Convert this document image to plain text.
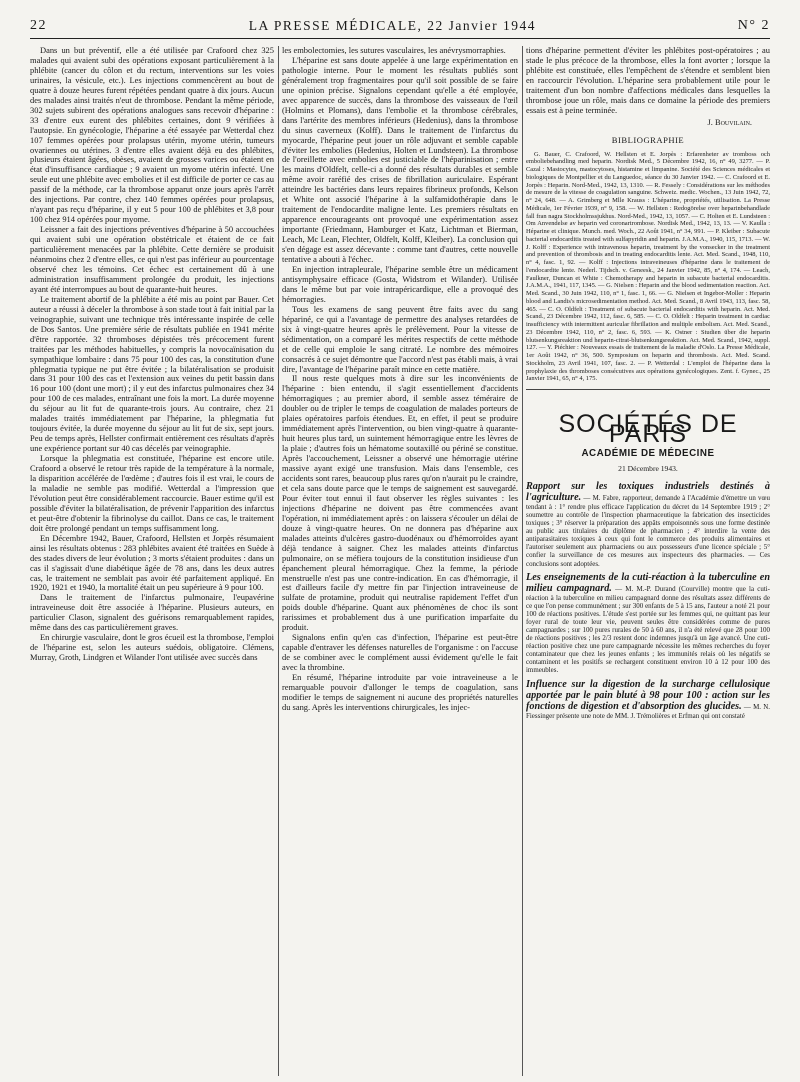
22	LA PRESSE MÉDICALE, 22 Janvier 1944	N° 2

Dans un but préventif, elle a été utilisée par Crafoord chez 325 malades qui avaient subi des opérations exposant particulièrement à la phlébite (cancer du côlon et du rectum, interventions sur les voies urinaires, la vésicule, etc.). Les injections commencèrent au bout de quatre à douze heures furent répétées pendant quatre à dix jours. Aucun des malades ainsi traités n'eut de thrombose. Pendant la même période, 302 sujets subirent des opérations analogues sans recevoir d'héparine : 33 d'entre eux eurent des phlébites certaines, dont 9 vérifiées à l'autopsie. En gynécologie, l'héparine a été essayée par Wetterdal chez 107 femmes opérées pour prolapsus utérin, myome utérin, tumeurs ovariennes ou utérines. 3 d'entre elles avaient déjà eu des phlébites, plusieurs étaient âgées, obèses, avaient de grosses varices ou étaient en état d'insuffisance cardiaque ; 9 avaient un myome utérin infecté. Une seule eut une phlébite avec embolies et il est difficile de porter ce cas au passif de la méthode, car la thrombose apparut onze jours après l'arrêt des injections. Par contre, chez 140 femmes opérées pour prolapsus, n'ayant pas reçu d'héparine, il y eut 5 pour 100 de phlébites et 3,8 pour 100 chez 914 opérées pour myome.

Leissner a fait des injections préventives d'héparine à 50 accouchées qui avaient subi une opération obstétricale et étaient de ce fait particulièrement menacées par la phlébite. Cette dernière se produisit néanmoins chez 2 d'entre elles, ce qui n'est pas inférieur au pourcentage observé chez les témoins. Cet échec est certainement dû à une administration insuffisamment prolongée du produit, les injections ayant été interrompues au bout de quarante-huit heures.

Le traitement abortif de la phlébite a été mis au point par Bauer. Cet auteur a réussi à déceler la thrombose à son stade tout à fait initial par la veinographie, suivant une technique très intéressante inspirée de celle de Dos Santos. Une première série de résultats publiée en 1941 mérite d'être rapportée. 32 thromboses dépistées très précocement furent traitées par les méthodes habituelles, y compris la novocaïnisation du sympathique lombaire : dans 75 pour 100 des cas, la constitution d'une phlegmatia typique ne put être évitée ; la bilatéralisation se produisit dans 31 pour 100 des cas et l'extension aux veines du petit bassin dans 16 pour 100 (dont une mort) ; il y eut des infarctus pulmonaires chez 34 pour 100 de ces malades, entraînant une fois la mort. La durée moyenne du séjour au lit fut de quarante-trois jours. Au contraire, chez 21 malades traités immédiatement par l'héparine, la phlegmatia fut toujours évitée, la durée moyenne du séjour au lit fut de six, sept jours. Peu de temps après, Hellster confirmait entièrement ces résultats d'après une expérience portant sur 40 cas décelés par veinographie.

Lorsque la phlegmatia est constituée, l'héparine est encore utile. Crafoord a observé le retour très rapide de la température à la normale, la disparition accélérée de l'œdème ; d'autres fois il est vrai, le cours de la maladie ne semble pas modifié. Wetterdal a l'impression que l'évolution peut être considérablement raccourcie. Bauer estime qu'il est possible d'éviter la bilatéralisation, de prévenir l'apparition des infarctus et peut-être d'obtenir la fibrinolyse du caillot. Dans ce cas, le traitement doit être prolongé pendant un temps suffisamment long.

En Décembre 1942, Bauer, Crafoord, Hellsten et Jorpès résumaient ainsi les résultats obtenus : 283 phlébites avaient été traitées en Suède à des stades divers de leur évolution ; 3 morts s'étaient produites : dans un cas il s'agissait d'une diabétique âgée de 78 ans, dans les deux autres cas, le traitement ne semblait pas avoir été parfaitement appliqué. En 1920, 1921 et 1940, la mortalité était un peu supérieure à 9 pour 100.

Dans le traitement de l'infarctus pulmonaire, l'eupavérine intraveineuse doit être associée à l'héparine. Plusieurs auteurs, en particulier Clason, signalent des guérisons remarquablement rapides, même dans des cas particulièrement graves.

En chirurgie vasculaire, dont le gros écueil est la thrombose, l'emploi de l'héparine est, selon les auteurs suédois, obligatoire. Clémens, Murray, Groth, Lindgren et Wilander l'ont utilisée avec succès dans

les embolectomies, les sutures vasculaires, les anévrysmorraphies.

L'héparine est sans doute appelée à une large expérimentation en pathologie interne. Pour le moment les résultats publiés sont généralement trop fragmentaires pour qu'il soit possible de se faire une opinion précise. Signalons cependant qu'elle a été employée, avec apparence de succès, dans la thrombose des vaisseaux de l'œil (Holmins et Plomans), dans l'embolie et la thrombose cérébrales, dans l'artérite des membres inférieurs (Hedenius), dans la thrombose du sinus caverneux (Kolff). Dans le traitement de l'infarctus du myocarde, l'héparine peut jouer un rôle adjuvant et semble capable d'éviter les embolies (Hedenius, Holten et Lundsteen). La thrombose de l'oreillette avec embolies est justiciable de l'héparinisation ; entre les mains d'Oldfelt, celle-ci a donné des résultats durables et semble même avoir raréfié des crises de fibrillation auriculaire. Espérant atteindre les bactéries dans leurs repaires fibrineux profonds, Kelson et White ont associé l'héparine à la sulfamidothérapie dans le traitement de l'endocardite maligne lente. Les premiers résultats en apparence encourageants ont provoqué une expérimentation assez importante (Friedmann, Hamburger et Katz, Lichtman et Bierman, Leach, Mc Lean, Flechter, Oldfelt, Kolff, Kleiber). La conclusion qui s'en dégage est assez décevante : comme tant d'autres, cette nouvelle tentative a abouti à l'échec.

En injection intrapleurale, l'héparine semble être un médicament antisymphysaire efficace (Gosta, Widstrom et Wilander). Utilisée dans le même but par voie intrapéricardique, elle a provoqué des hémorragies.

Tous les examens de sang peuvent être faits avec du sang hépariné, ce qui a l'avantage de permettre des analyses retardées de six à vingt-quatre heures après le prélèvement. Pour la vitesse de sédimentation, on a comparé les mérites respectifs de cette méthode et de celle qui emploie le sang citraté. Le nombre des mémoires consacrés à ce sujet démontre que l'accord n'est pas établi mais, à vrai dire, l'avantage de l'héparine paraît mince en cette matière.

Il nous reste quelques mots à dire sur les inconvénients de l'héparine : bien entendu, il s'agit essentiellement d'accidents hémorragiques ; au premier abord, il semble assez téméraire de doubler ou de tripler le temps de coagulation de malades porteurs de plaies opératoires parfois étendues. Et, en effet, il peut se produire immédiatement après l'intervention, ou bien vingt-quatre à quarante-huit heures plus tard, un suintement hémorragique entre les lèvres de la plaie ; d'autres fois un hématome soutaxillé ou périné se constitue. Après l'accouchement, Leissner a observé une hémorragie utérine massive ayant exigé une transfusion. Mais dans l'ensemble, ces accidents sont rares, beaucoup plus rares qu'on n'aurait pu le craindre, et cela sans doute parce que le temps de saignement est sauvegardé. Pour éviter tout ennui il faut observer les règles suivantes : les injections d'héparine ne doivent pas être commencées avant l'opération, ni immédiatement après : on laissera s'écouler un délai de douze à vingt-quatre heures. On ne donnera pas d'héparine aux malades atteints d'ulcères gastro-duodénaux ou d'hémorroïdes ayant déjà tendance à saigner. Chez les malades atteints d'infarctus pulmonaire, on se méfiera toujours de la constitution insidieuse d'un épanchement pleural hémorragique. Chez la femme, la période menstruelle n'est pas une contre-indication. En cas d'hémorragie, il est d'ailleurs facile d'y mettre fin par l'injection intraveineuse de sulfate de protamine, produit qui neutralise rapidement l'effet d'un poids double d'héparine. Quant aux phénomènes de choc ils sont rarissimes et probablement dus à une purification imparfaite du produit.

Signalons enfin qu'en cas d'infection, l'héparine est peut-être capable d'entraver les défenses naturelles de l'organisme : on l'accuse de se combiner avec le complément aussi évidement qu'elle le fait avec la thrombine.

En résumé, l'héparine introduite par voie intraveineuse a le remarquable pouvoir d'allonger le temps de coagulation, sans modifier le temps de saignement ni aucune des propriétés naturelles du sang. Après les interventions chirurgicales, les injec-

tions d'héparine permettent d'éviter les phlébites post-opératoires ; au stade le plus précoce de la thrombose, elles la font avorter ; lorsque la phlébite est constituée, elles l'empêchent de s'étendre et semblent bien en raccourcir l'évolution. L'héparine sera probablement utile pour le traitement d'un bon nombre d'affections médicales dans lesquelles la thrombose joue un rôle, mais dans ce domaine la période des premiers essais est à peine terminée.

J. Bouvilain.
BIBLIOGRAPHIE

G. Bauer, C. Crafoord, W. Hellsten et E. Jorpès : Erfarenheter av tromboss och emboliebehandling med heparin. Nordisk Med., 5 Décembre 1942, 16, n° 49, 3277. — P. Cazal : Mastocytes, mastocytoses, histamine et limpanine. Société des Sciences médicales et biologiques de Montpellier et du Languedoc, séance du 30 Janvier 1942. — C. Crafoord et E. Jorpès : Heparin. Nord-Med., 1942, 13, 1310. — R. Fessely : Considérations sur les méthodes de mesure de la vitesse de coagulation sanguine. Schweiz. medic. Wochen., 13 Juin 1942, 72, n° 24, 648. — A. Grimberg et Mlle Krauss : L'héparine, propriétés, utilisation. La Presse Médicale, 1er Février 1939, n° 9, 158. — W. Hellsten : Redogörelse over heparinbehandlade fall fran nagra Stockholmssjukhus. Nord-Med., 1942, 13, 1057. — C. Holten et E. Lundsteen : Om Anvendelse av heparin ved coronartrombose. Nordisk Med., 1942, 13, 13. — V. Kaulla : Héparine et clinique. Munch. med. Woch., 22 Août 1941, n° 34, 991. — P. Kleiber : Subacute bacterial endocarditis treated with sulfapyridin and heparin. J.A.M.A., 1940, 115, 1713. — W. J. Kolff : Experience with intravenous heparin, treatment by the vonsecker in the treatment and prevention of thrombosis and in treating endocarditis lente. Act. Med. Scand., 1948, 110, n° 4, fasc. 1, 92. — Kolff : Injections intraveineuses d'héparine dans le traitement de l'endocardite lente. Nederl. Tijdsch. v. Geneesk., 24 Janvier 1942, 85, n° 4, 174. — Leach, Faulkner, Duncan et White : Chemotherapy and heparin in subacute bacterial endocarditis. J.A.M.A., 1941, 117, 1345. — G. Nielsen : Heparin and the blood sedimentation reaction. Act. Med. Scand., 30 Juin 1942, 110, n° 1, fasc. 1, 66. — G. Nielsen et Ingebor-Moller : Heparin blood and Landis's microsedimentation method. Act. Med. Scand., 8 Avril 1943, 113, fasc. 58, 465. — C. O. Oldfelt : Treatment of subacute bacterial endocarditis with heparin. Act. Med. Scand., 23 Décembre 1942, 112, fasc. 6, 585. — C. O. Oldfelt : Heparin treatment in cardiac insufficiency with intermittent auricular fibrillation and multiple embolism. Act. Med. Scand., 23 Décembre 1942, 110, n° 2, fasc. 6, 593. — K. Ostner : Studien über die heparin blutsenkungsreaktion und heparin-citrat-blutsenkungsreaktion. Act. Med. Scand., 1942, suppl. 127. — Y. Piéchier : Nouveaux essais de traitement de la maladie d'Oslo. La Presse Médicale, 1er Août 1942, n° 36, 500. Symposium on heparin and thrombosis. Act. Med. Scand. Stockholm, 23 Avril 1941, 107, fasc. 2. — P. Wetterdal : L'emploi de l'héparine dans la prophylaxie des thromboses consécutives aux opérations gynécologiques. Zent. f. Gynec., 25 Janvier 1941, 65, n° 4, 175.

SOCIÉTÉS DE PARIS
ACADÉMIE DE MÉDECINE
21 Décembre 1943.
Rapport sur les toxiques industriels destinés à l'agriculture. — M. Fabre, rapporteur, demande à l'Académie d'émettre un vœu tendant à : 1° rendre plus efficace l'application du décret du 14 Septembre 1919 ; 2° soumettre au contrôle de l'inspection pharmaceutique la fabrication des insecticides toxiques ; 3° réserver la préparation des appâts empoisonnés sous une forme destinée au public aux titulaires du diplôme de pharmacien ; 4° interdire la vente des antiparasitaires toxiques à ceux qui font le commerce des produits alimentaires et l'autoriser seulement aux pharmaciens ou aux possesseurs d'une licence spéciale ; 5° confier la surveillance de ces mesures aux inspecteurs des pharmacies. — Ces conclusions sont adoptées.
Les enseignements de la cuti-réaction à la tuberculine en milieu campagnard. — M. M.-P. Durand (Courville) montre que la cuti-réaction à la tuberculine en milieu campagnard donne des résultats assez différents de ce que l'on pense communément ; sur 300 enfants de 5 à 15 ans, l'auteur a noté 21 pour 100 de réactions positives. L'étude s'est portée sur les femmes qui, ne quittant pas leur foyer rural de toute leur vie, peuvent seules être considérées comme de pures campagnardes ; sur 100 pures rurales de 50 à 60 ans, il n'a été relevé que 28 pour 100 de réactions positives ; les 2/3 restent donc indemnes jusqu'à un âge avancé. Une cuti-réaction positive chez une pure campagnarde nécessite les mêmes recherches du foyer contaminateur que chez les jeunes enfants ; les immunités relais où les négatifs se contaminent et les positifs se rechargent constituent environ 10 à 12 pour 100 des immeubles.
Influence sur la digestion de la surcharge cellulosique apportée par le pain bluté à 98 pour 100 : action sur les fonctions de digestion et d'absorption des glucides. — M. N. Fiessinger présente une note de MM. J. Trémolières et Erfman qui ont constaté
